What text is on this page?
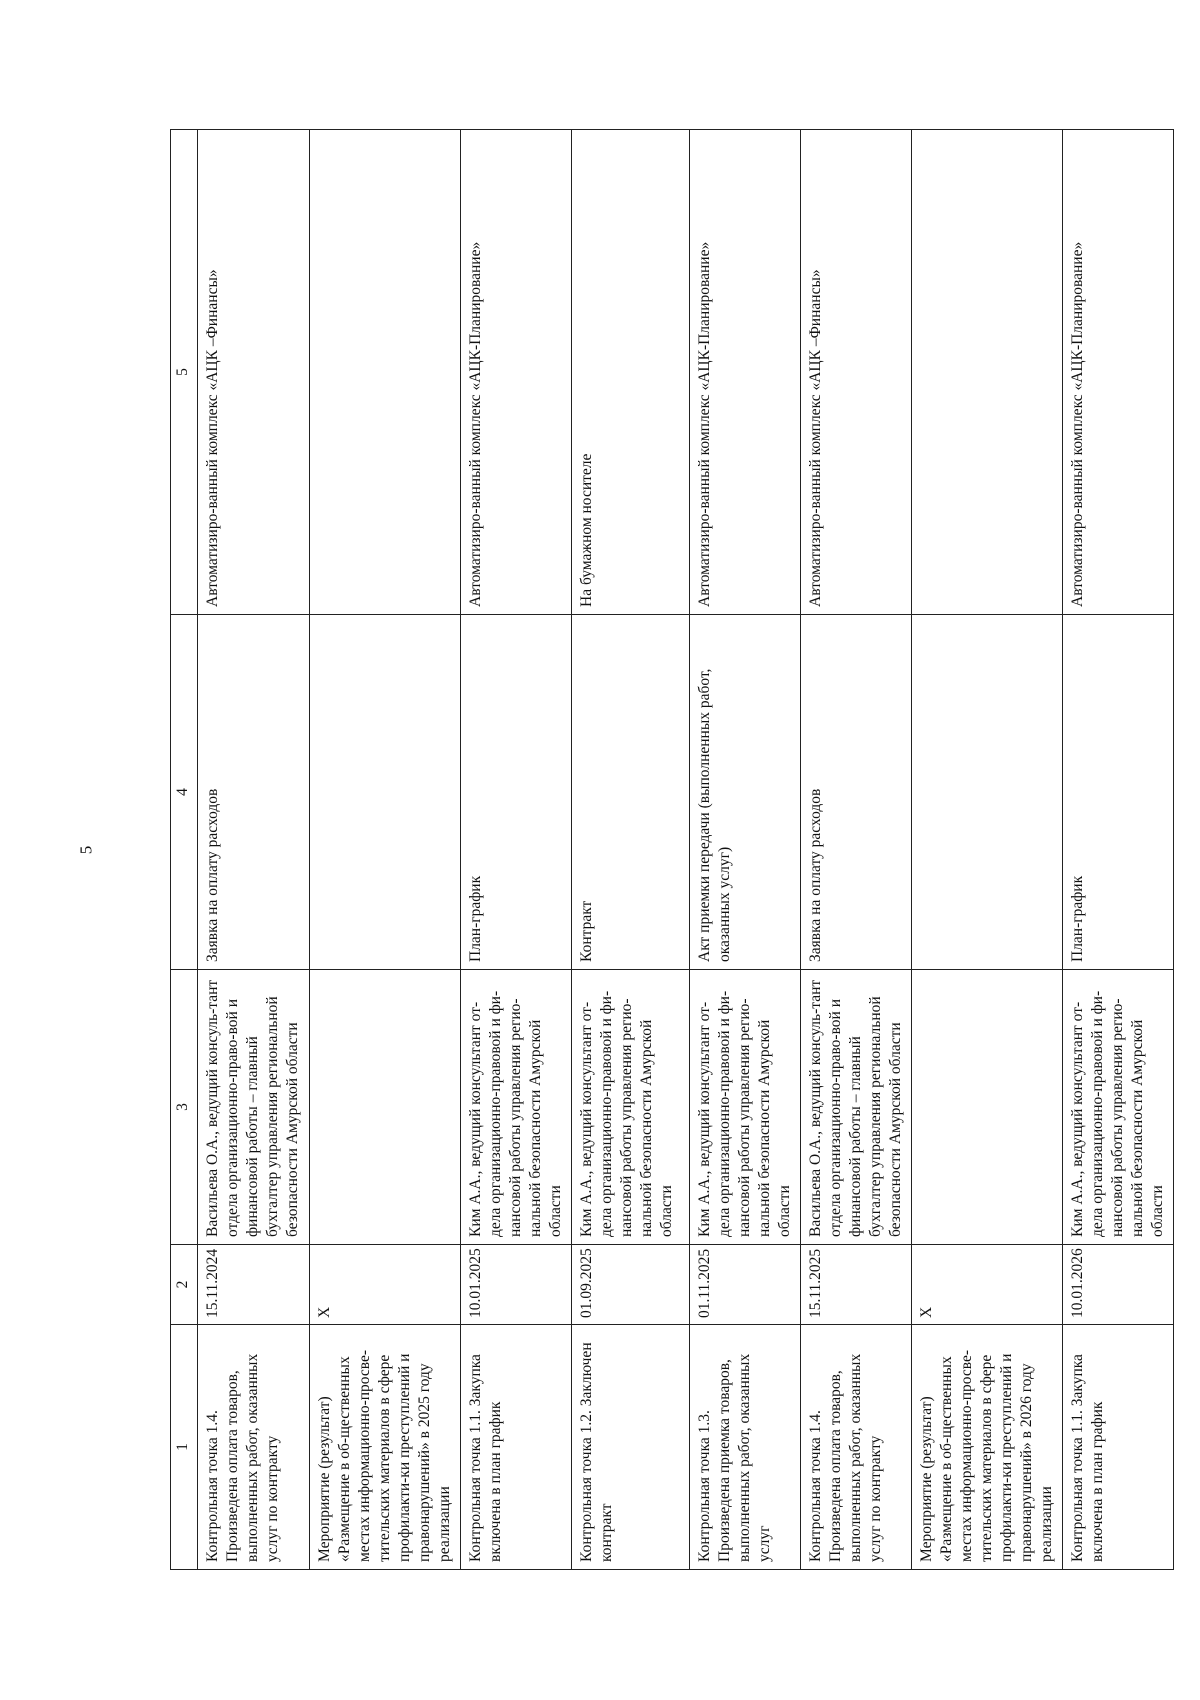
5
1	2	3	4	5
Контрольная точка 1.4. Произведена оплата товаров, выполненных работ, оказанных услуг по контракту	15.11.2024	Васильева О.А., ведущий консуль-тант отдела организационно-право-вой и финансовой работы – главный бухгалтер управления региональной безопасности Амурской области	Заявка на оплату расходов	Автоматизиро-ванный комплекс «АЦК –Финансы»
Мероприятие (результат) «Размещение в об-щественных местах информационно-просве-тительских материалов в сфере профилакти-ки преступлений и правонарушений» в 2025 году реализации	X			
Контрольная точка 1.1. Закупка включена в план график	10.01.2025	Ким А.А., ведущий консультант от-дела организационно-правовой и фи-нансовой работы управления регио-нальной безопасности Амурской области	План-график	Автоматизиро-ванный комплекс «АЦК-Планирование»
Контрольная точка 1.2. Заключен контракт	01.09.2025	Ким А.А., ведущий консультант от-дела организационно-правовой и фи-нансовой работы управления регио-нальной безопасности Амурской области	Контракт	На бумажном носителе
Контрольная точка 1.3. Произведена приемка товаров, выполненных работ, оказанных услуг	01.11.2025	Ким А.А., ведущий консультант от-дела организационно-правовой и фи-нансовой работы управления регио-нальной безопасности Амурской области	Акт приемки передачи (выполненных работ, оказанных услуг)	Автоматизиро-ванный комплекс «АЦК-Планирование»
Контрольная точка 1.4. Произведена оплата товаров, выполненных работ, оказанных услуг по контракту	15.11.2025	Васильева О.А., ведущий консуль-тант отдела организационно-право-вой и финансовой работы – главный бухгалтер управления региональной безопасности Амурской области	Заявка на оплату расходов	Автоматизиро-ванный комплекс «АЦК –Финансы»
Мероприятие (результат) «Размещение в об-щественных местах информационно-просве-тительских материалов в сфере профилакти-ки преступлений и правонарушений» в 2026 году реализации	X			
Контрольная точка 1.1. Закупка включена в план график	10.01.2026	Ким А.А., ведущий консультант от-дела организационно-правовой и фи-нансовой работы управления регио-нальной безопасности Амурской области	План-график	Автоматизиро-ванный комплекс «АЦК-Планирование»
